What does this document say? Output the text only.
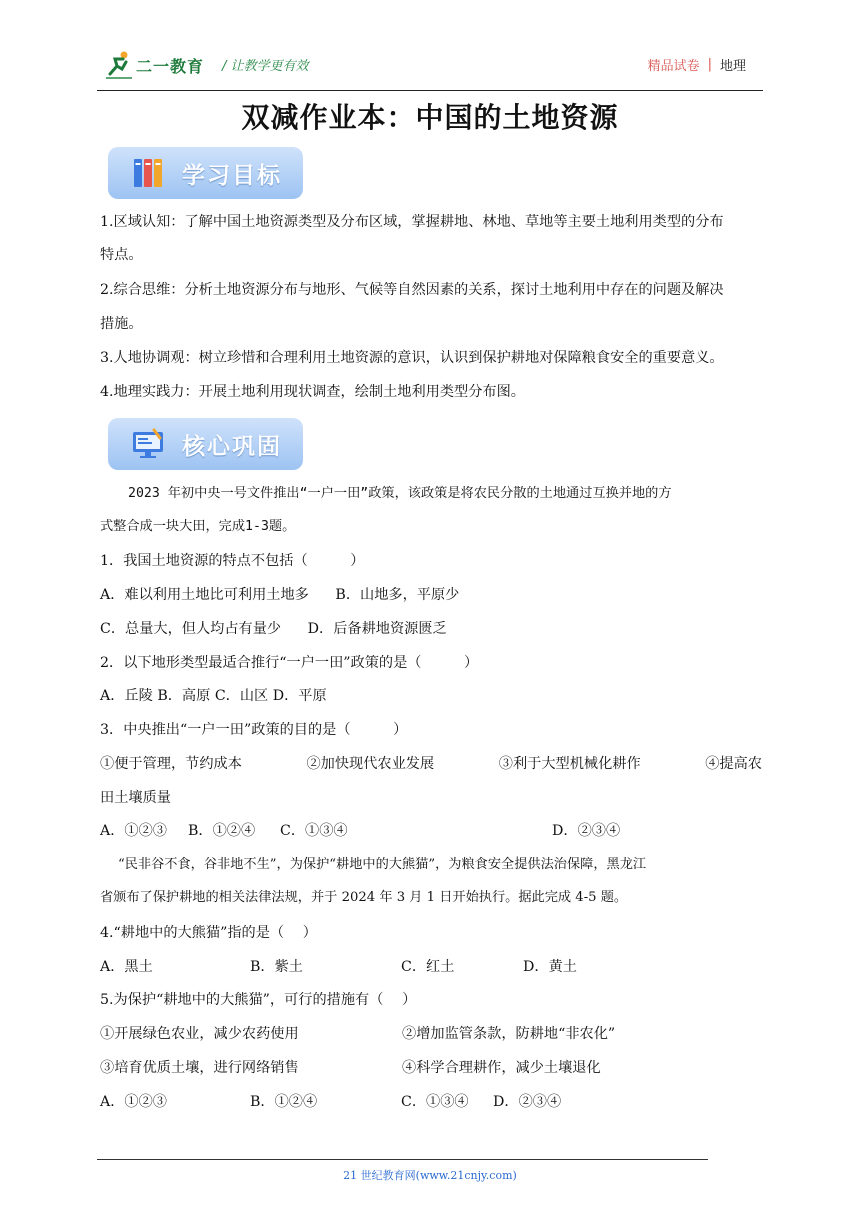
二一教育 / 让教学更有效	精品试卷 | 地理
双减作业本：中国的土地资源
学习目标
1.区域认知：了解中国土地资源类型及分布区域，掌握耕地、林地、草地等主要土地利用类型的分布
特点。
2.综合思维：分析土地资源分布与地形、气候等自然因素的关系，探讨土地利用中存在的问题及解决
措施。
3.人地协调观：树立珍惜和合理利用土地资源的意识，认识到保护耕地对保障粮食安全的重要意义。
4.地理实践力：开展土地利用现状调查，绘制土地利用类型分布图。
核心巩固
2023 年初中央一号文件推出“一户一田”政策，该政策是将农民分散的土地通过互换并地的方
式整合成一块大田，完成1-3题。
1．我国土地资源的特点不包括（　　　）
A．难以利用土地比可利用土地多 B．山地多，平原少
C．总量大，但人均占有量少 D．后备耕地资源匮乏
2．以下地形类型最适合推行“一户一田”政策的是（　　　）
A．丘陵 B．高原 C．山区 D．平原
3．中央推出“一户一田”政策的目的是（　　　）
①便于管理，节约成本	②加快现代农业发展	③利于大型机械化耕作	④提高农
田土壤质量
A．①②③ B．①②④ C．①③④	D．②③④
“民非谷不食，谷非地不生”，为保护“耕地中的大熊猫”，为粮食安全提供法治保障，黑龙江
省颁布了保护耕地的相关法律法规，并于 2024 年 3 月 1 日开始执行。据此完成 4-5 题。
4.“耕地中的大熊猫”指的是（　 ）
A．黑土	B．紫土	C．红土	D．黄土
5.为保护“耕地中的大熊猫”，可行的措施有（　 ）
①开展绿色农业，减少农药使用	②增加监管条款，防耕地“非农化”
③培育优质土壤，进行网络销售	④科学合理耕作，减少土壤退化
A．①②③	B．①②④	C．①③④ D．②③④
21 世纪教育网(www.21cnjy.com)
